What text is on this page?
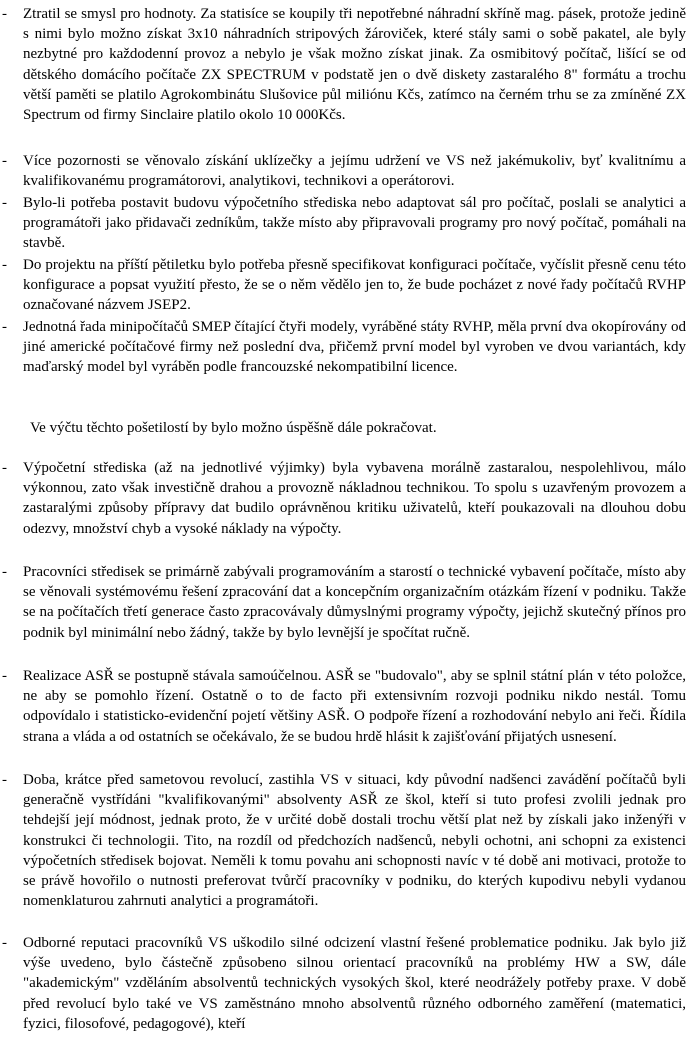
- Ztratil se smysl pro hodnoty. Za statisíce se koupily tři nepotřebné náhradní skříně mag. pásek, protože jedině s nimi bylo možno získat 3x10 náhradních stripových žároviček, které stály sami o sobě pakatel, ale byly nezbytné pro každodenní provoz a nebylo je však možno získat jinak. Za osmibitový počítač, lišící se od dětského domácího počítače ZX SPECTRUM v podstatě jen o dvě diskety zastaralého 8" formátu a trochu větší paměti se platilo Agrokombinátu Slušovice půl miliónu Kčs, zatímco na černém trhu se za zmíněné ZX Spectrum od firmy Sinclaire platilo okolo 10 000Kčs.
- Více pozornosti se věnovalo získání uklízečky a jejímu udržení ve VS než jakémukoliv, byť kvalitnímu a kvalifikovanému programátorovi, analytikovi, technikovi a operátorovi.
- Bylo-li potřeba postavit budovu výpočetního střediska nebo adaptovat sál pro počítač, poslali se analytici a programátoři jako přidavači zedníkům, takže místo aby připravovali programy pro nový počítač, pomáhali na stavbě.
- Do projektu na příští pětiletku bylo potřeba přesně specifikovat konfiguraci počítače, vyčíslit přesně cenu této konfigurace a popsat využití přesto, že se o něm vědělo jen to, že bude pocházet z nové řady počítačů RVHP označované názvem JSEP2.
- Jednotná řada minipočítačů SMEP čítající čtyři modely, vyráběné státy RVHP, měla první dva okopírovány od jiné americké počítačové firmy než poslední dva, přičemž první model byl vyroben ve dvou variantách, kdy maďarský model byl vyráběn podle francouzské nekompatibilní licence.
Ve výčtu těchto pošetilostí by bylo možno úspěšně dále pokračovat.
- Výpočetní střediska (až na jednotlivé výjimky) byla vybavena morálně zastaralou, nespolehlivou, málo výkonnou, zato však investičně drahou a provozně nákladnou technikou. To spolu s uzavřeným provozem a zastaralými způsoby přípravy dat budilo oprávněnou kritiku uživatelů, kteří poukazovali na dlouhou dobu odezvy, množství chyb a vysoké náklady na výpočty.
- Pracovníci středisek se primárně zabývali programováním a starostí o technické vybavení počítače, místo aby se věnovali systémovému řešení zpracování dat a koncepčním organizačním otázkám řízení v podniku. Takže se na počítačích třetí generace často zpracovávaly důmyslnými programy výpočty, jejichž skutečný přínos pro podnik byl minimální nebo žádný, takže by bylo levnější je spočítat ručně.
- Realizace ASŘ se postupně stávala samoúčelnou. ASŘ se "budovalo", aby se splnil státní plán v této položce, ne aby se pomohlo řízení. Ostatně o to de facto při extensivním rozvoji podniku nikdo nestál. Tomu odpovídalo i statisticko-evidenční pojetí většiny ASŘ. O podpoře řízení a rozhodování nebylo ani řeči. Řídila strana a vláda a od ostatních se očekávalo, že se budou hrdě hlásit k zajišťování přijatých usnesení.
- Doba, krátce před sametovou revolucí, zastihla VS v situaci, kdy původní nadšenci zavádění počítačů byli generačně vystřídáni "kvalifikovanými" absolventy ASŘ ze škol, kteří si tuto profesi zvolili jednak pro tehdejší její módnost, jednak proto, že v určité době dostali trochu větší plat než by získali jako inženýři v konstrukci či technologii. Tito, na rozdíl od předchozích nadšenců, nebyli ochotni, ani schopni za existenci výpočetních středisek bojovat. Neměli k tomu povahu ani schopnosti navíc v té době ani motivaci, protože to se právě hovořilo o nutnosti preferovat tvůrčí pracovníky v podniku, do kterých kupodivu nebyli vydanou nomenklaturou zahrnuti analytici a programátoři.
- Odborné reputaci pracovníků VS uškodilo silné odcizení vlastní řešené problematice podniku. Jak bylo již výše uvedeno, bylo částečně způsobeno silnou orientací pracovníků na problémy HW a SW, dále "akademickým" vzděláním absolventů technických vysokých škol, které neodrážely potřeby praxe. V době před revolucí bylo také ve VS zaměstnáno mnoho absolventů různého odborného zaměření (matematici, fyzici, filosofové, pedagogové), kteří
